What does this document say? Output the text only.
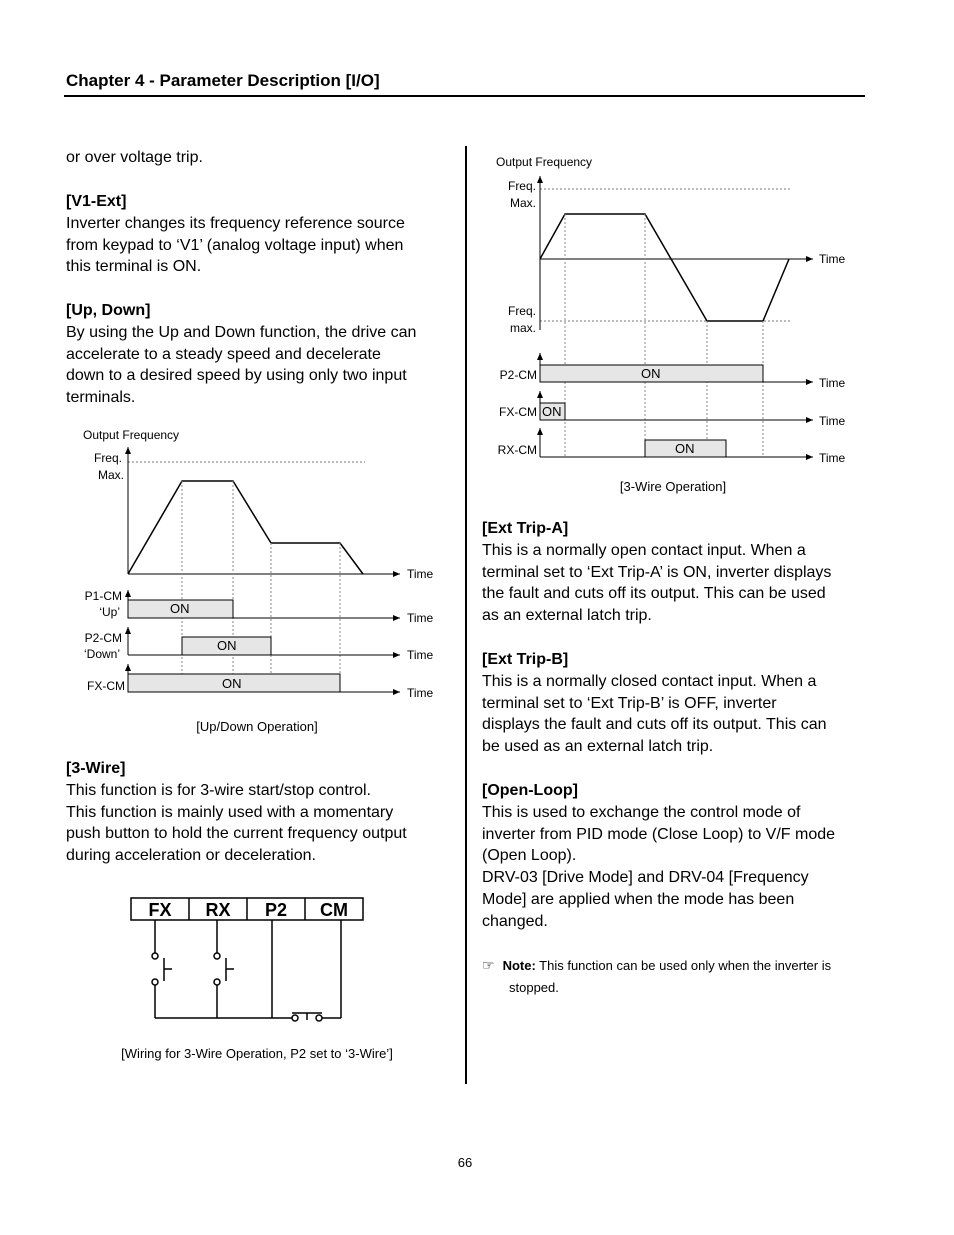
Chapter 4 - Parameter Description [I/O]
or over voltage trip.
[V1-Ext]
Inverter changes its frequency reference source
from keypad to ‘V1’ (analog voltage input) when
this terminal is ON.
[Up, Down]
By using the Up and Down function, the drive can
accelerate to a steady speed and decelerate
down to a desired speed by using only two input
terminals.
Output Frequency
Freq.
Max.
Time
P1-CM
‘Up’	ON
Time
P2-CM
‘Down’
ON
Time
FX-CM	ON
Time
[Up/Down Operation]
[3-Wire]
This function is for 3-wire start/stop control.
This function is mainly used with a momentary
push button to hold the current frequency output
during acceleration or deceleration.
FX RX P2 CM
[Wiring for 3-Wire Operation, P2 set to ‘3-Wire’]
Output Frequency
Freq.
Max.
Freq.
max.
Time
P2-CM	ON
Time
FX-CM ON
Time
RX-CM	ON
Time
[3-Wire Operation]
[Ext Trip-A]
This is a normally open contact input. When a
terminal set to ‘Ext Trip-A’ is ON, inverter displays
the fault and cuts off its output. This can be used
as an external latch trip.
[Ext Trip-B]
This is a normally closed contact input. When a
terminal set to ‘Ext Trip-B’ is OFF, inverter
displays the fault and cuts off its output. This can
be used as an external latch trip.
[Open-Loop]
This is used to exchange the control mode of
inverter from PID mode (Close Loop) to V/F mode
(Open Loop).
DRV-03 [Drive Mode] and DRV-04 [Frequency
Mode] are applied when the mode has been
changed.
☞ Note: This function can be used only when the inverter is
stopped.
66
